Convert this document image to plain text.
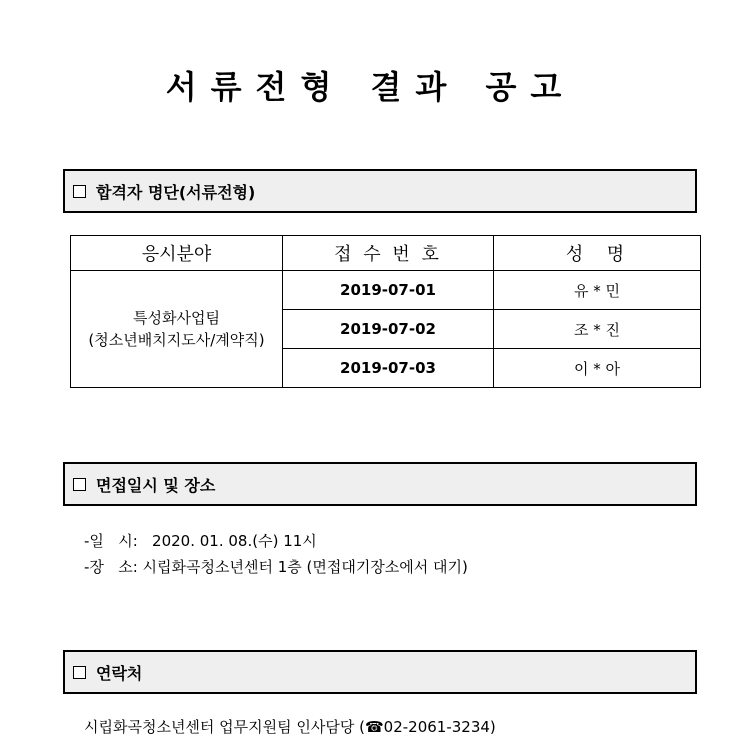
서류전형 결과 공고
합격자 명단(서류전형)
응시분야	접 수 번 호	성  명

특성화사업팀
(청소년배치지도사/계약직)	2019-07-01	유 * 민
	2019-07-02	조 * 진
	2019-07-03	이 * 아
면접일시 및 장소
-일   시:   2020. 01. 08.(수) 11시
-장   소: 시립화곡청소년센터 1층 (면접대기장소에서 대기)
연락처
시립화곡청소년센터 업무지원팀 인사담당 (☎02-2061-3234)
